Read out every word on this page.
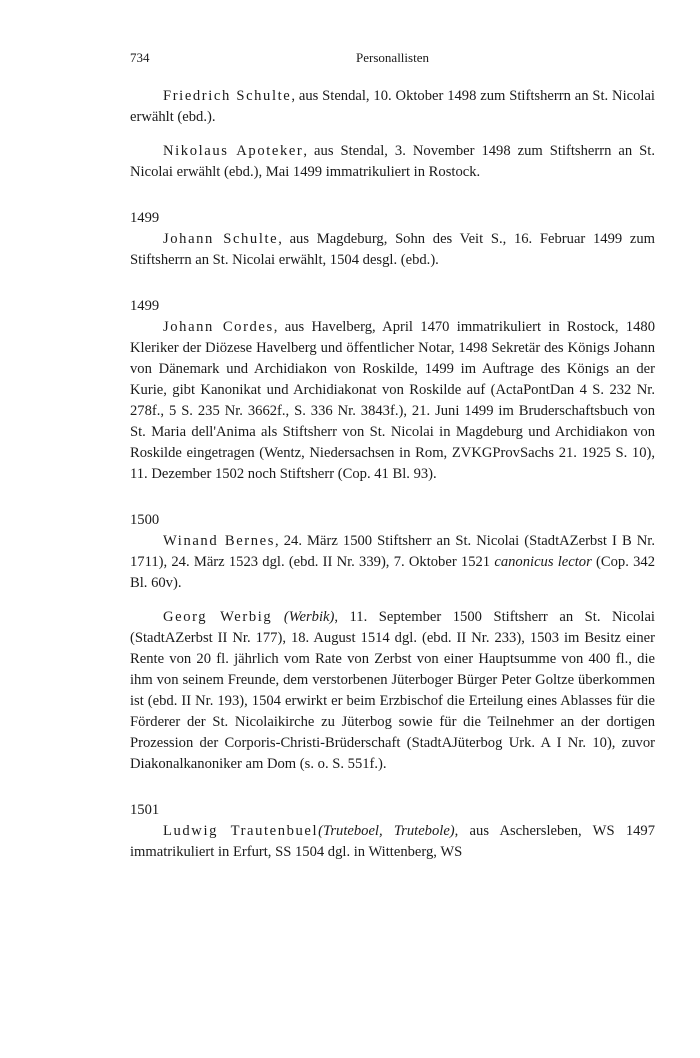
734	Personallisten

Friedrich Schulte, aus Stendal, 10. Oktober 1498 zum Stiftsherrn an St. Nicolai erwählt (ebd.).

Nikolaus Apoteker, aus Stendal, 3. November 1498 zum Stiftsherrn an St. Nicolai erwählt (ebd.), Mai 1499 immatrikuliert in Rostock.

1499

Johann Schulte, aus Magdeburg, Sohn des Veit S., 16. Februar 1499 zum Stiftsherrn an St. Nicolai erwählt, 1504 desgl. (ebd.).

1499

Johann Cordes, aus Havelberg, April 1470 immatrikuliert in Rostock, 1480 Kleriker der Diözese Havelberg und öffentlicher Notar, 1498 Sekretär des Königs Johann von Dänemark und Archidiakon von Roskilde, 1499 im Auftrage des Königs an der Kurie, gibt Kanonikat und Archidiakonat von Roskilde auf (ActaPontDan 4 S. 232 Nr. 278f., 5 S. 235 Nr. 3662f., S. 336 Nr. 3843f.), 21. Juni 1499 im Bruderschaftsbuch von St. Maria dell'Anima als Stiftsherr von St. Nicolai in Magdeburg und Archidiakon von Roskilde eingetragen (Wentz, Niedersachsen in Rom, ZVKGProvSachs 21. 1925 S. 10), 11. Dezember 1502 noch Stiftsherr (Cop. 41 Bl. 93).

1500

Winand Bernes, 24. März 1500 Stiftsherr an St. Nicolai (StadtAZerbst I B Nr. 1711), 24. März 1523 dgl. (ebd. II Nr. 339), 7. Oktober 1521 canonicus lector (Cop. 342 Bl. 60v).

Georg Werbig (Werbik), 11. September 1500 Stiftsherr an St. Nicolai (StadtAZerbst II Nr. 177), 18. August 1514 dgl. (ebd. II Nr. 233), 1503 im Besitz einer Rente von 20 fl. jährlich vom Rate von Zerbst von einer Hauptsumme von 400 fl., die ihm von seinem Freunde, dem verstorbenen Jüterboger Bürger Peter Goltze überkommen ist (ebd. II Nr. 193), 1504 erwirkt er beim Erzbischof die Erteilung eines Ablasses für die Förderer der St. Nicolaikirche zu Jüterbog sowie für die Teilnehmer an der dortigen Prozession der Corporis-Christi-Brüderschaft (StadtAJüterbog Urk. A I Nr. 10), zuvor Diakonalkanoniker am Dom (s. o. S. 551f.).

1501

Ludwig Trautenbuel(Truteboel, Trutebole), aus Aschersleben, WS 1497 immatrikuliert in Erfurt, SS 1504 dgl. in Wittenberg, WS
